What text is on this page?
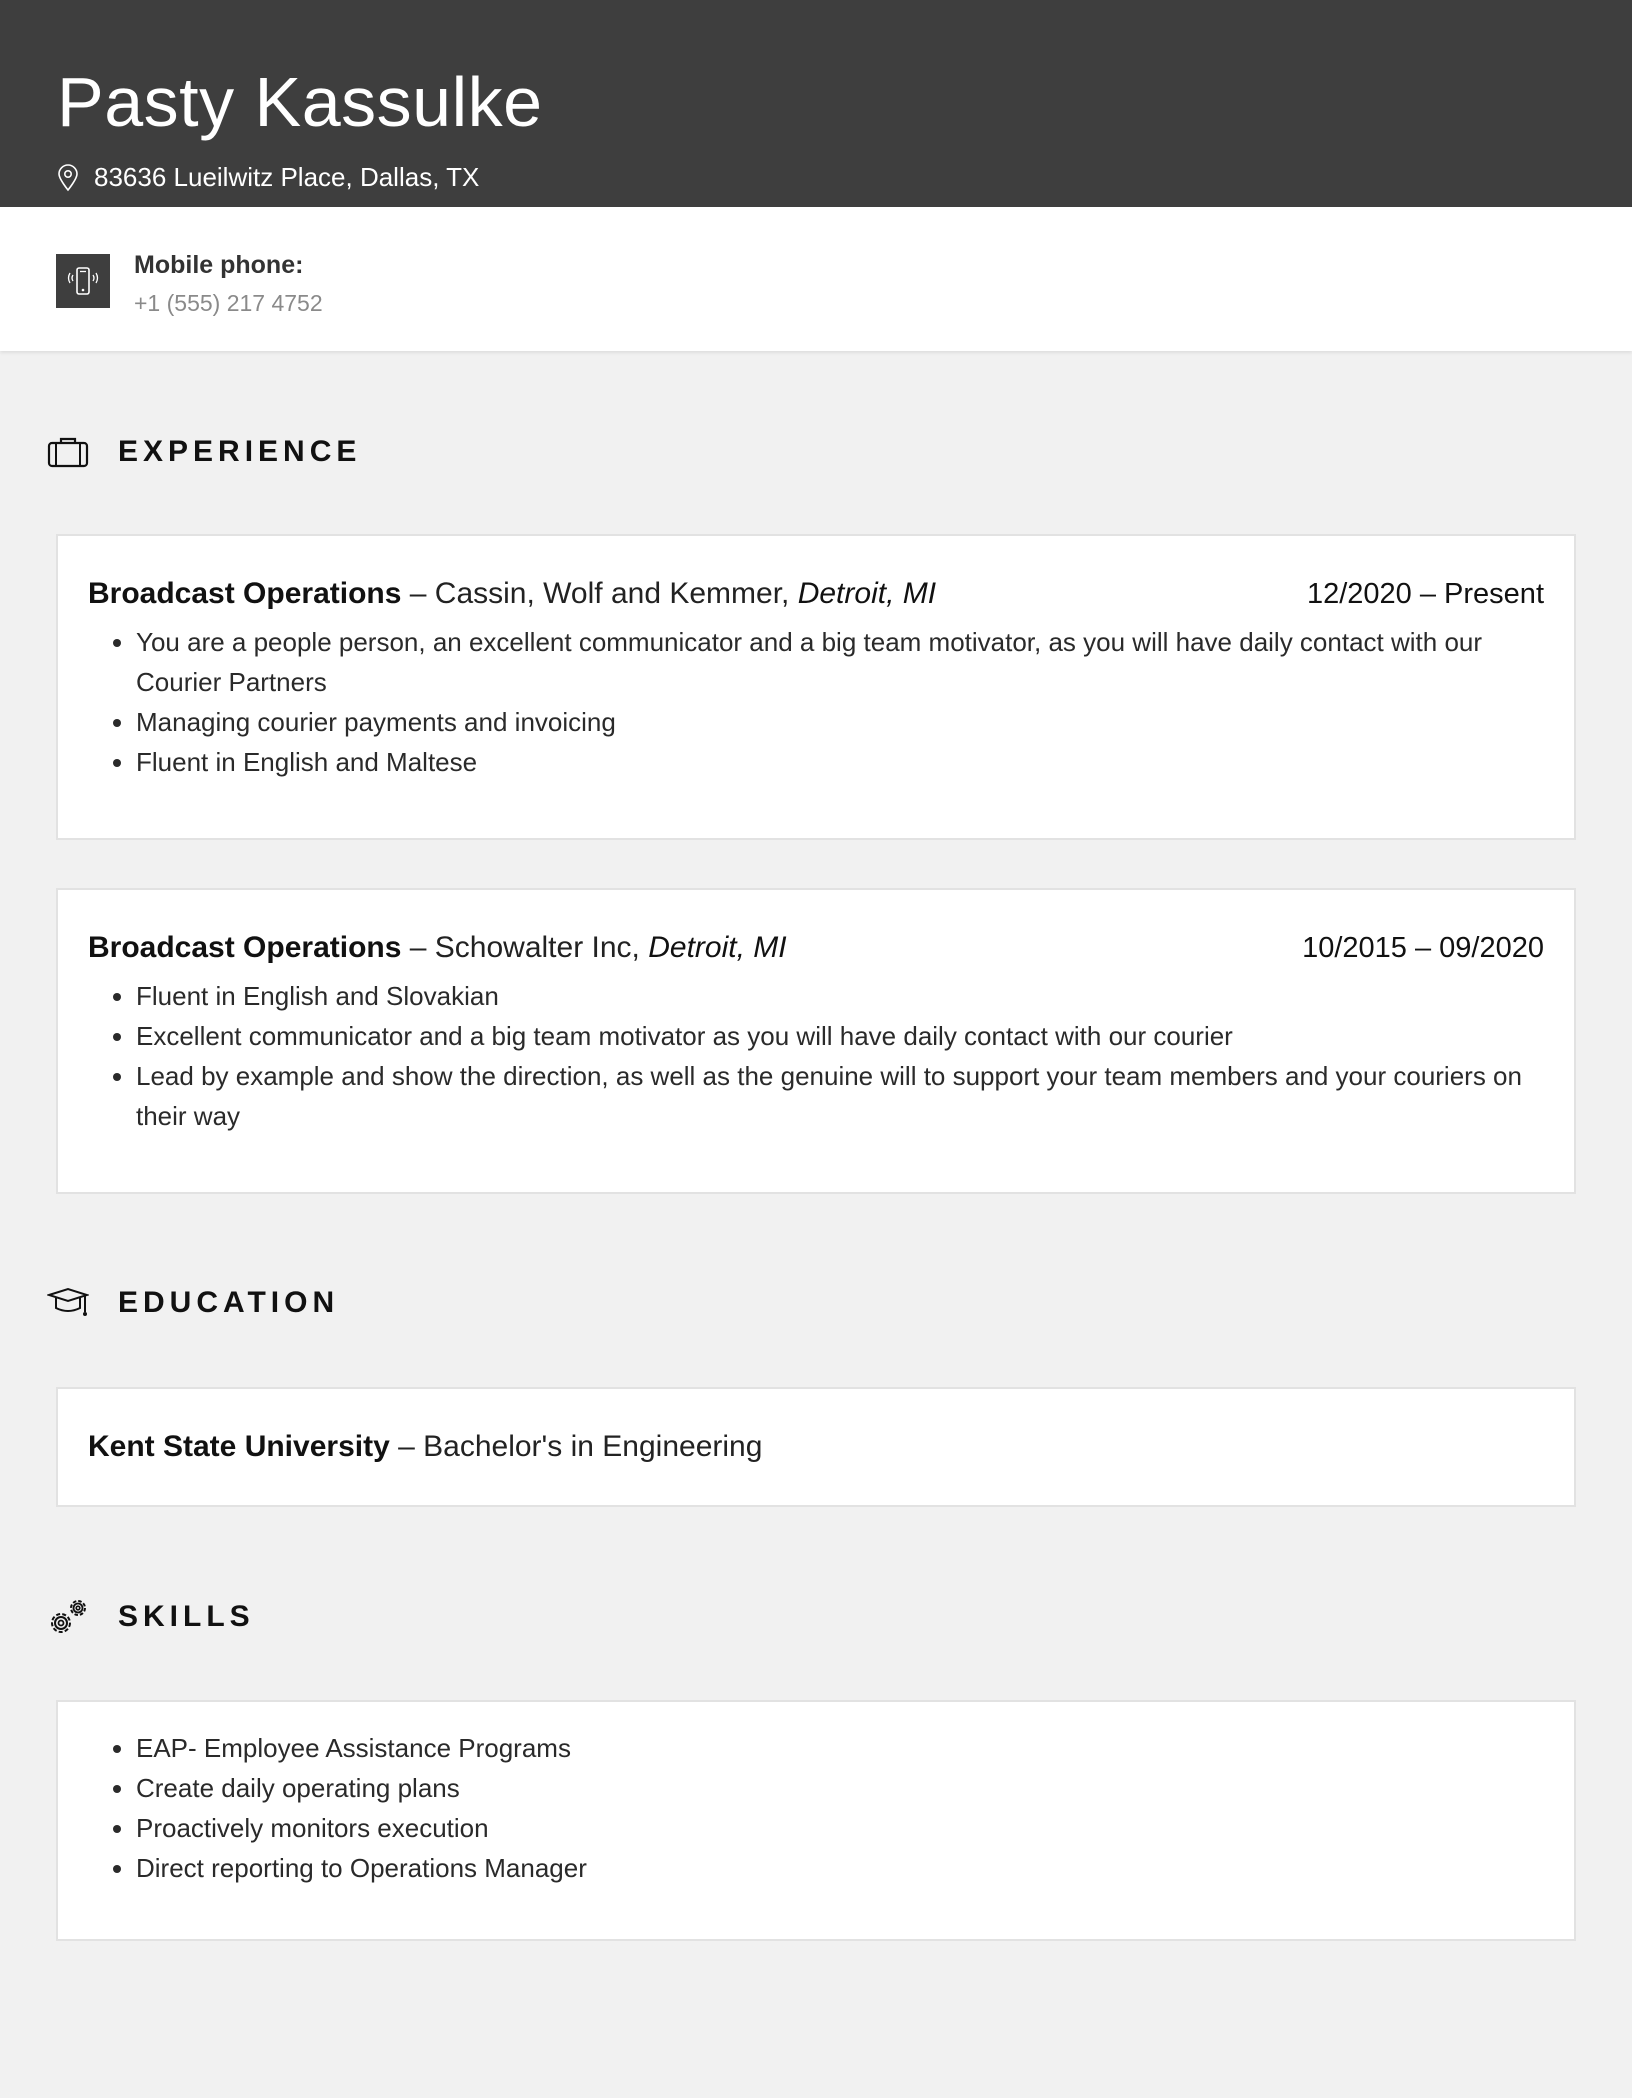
Pasty Kassulke
83636 Lueilwitz Place, Dallas, TX
Mobile phone:
+1 (555) 217 4752
EXPERIENCE
Broadcast Operations – Cassin, Wolf and Kemmer, Detroit, MI	12/2020 – Present
• You are a people person, an excellent communicator and a big team motivator, as you will have daily contact with our Courier Partners
• Managing courier payments and invoicing
• Fluent in English and Maltese
Broadcast Operations – Schowalter Inc, Detroit, MI	10/2015 – 09/2020
• Fluent in English and Slovakian
• Excellent communicator and a big team motivator as you will have daily contact with our courier
• Lead by example and show the direction, as well as the genuine will to support your team members and your couriers on their way
EDUCATION
Kent State University – Bachelor's in Engineering
SKILLS
• EAP- Employee Assistance Programs
• Create daily operating plans
• Proactively monitors execution
• Direct reporting to Operations Manager
